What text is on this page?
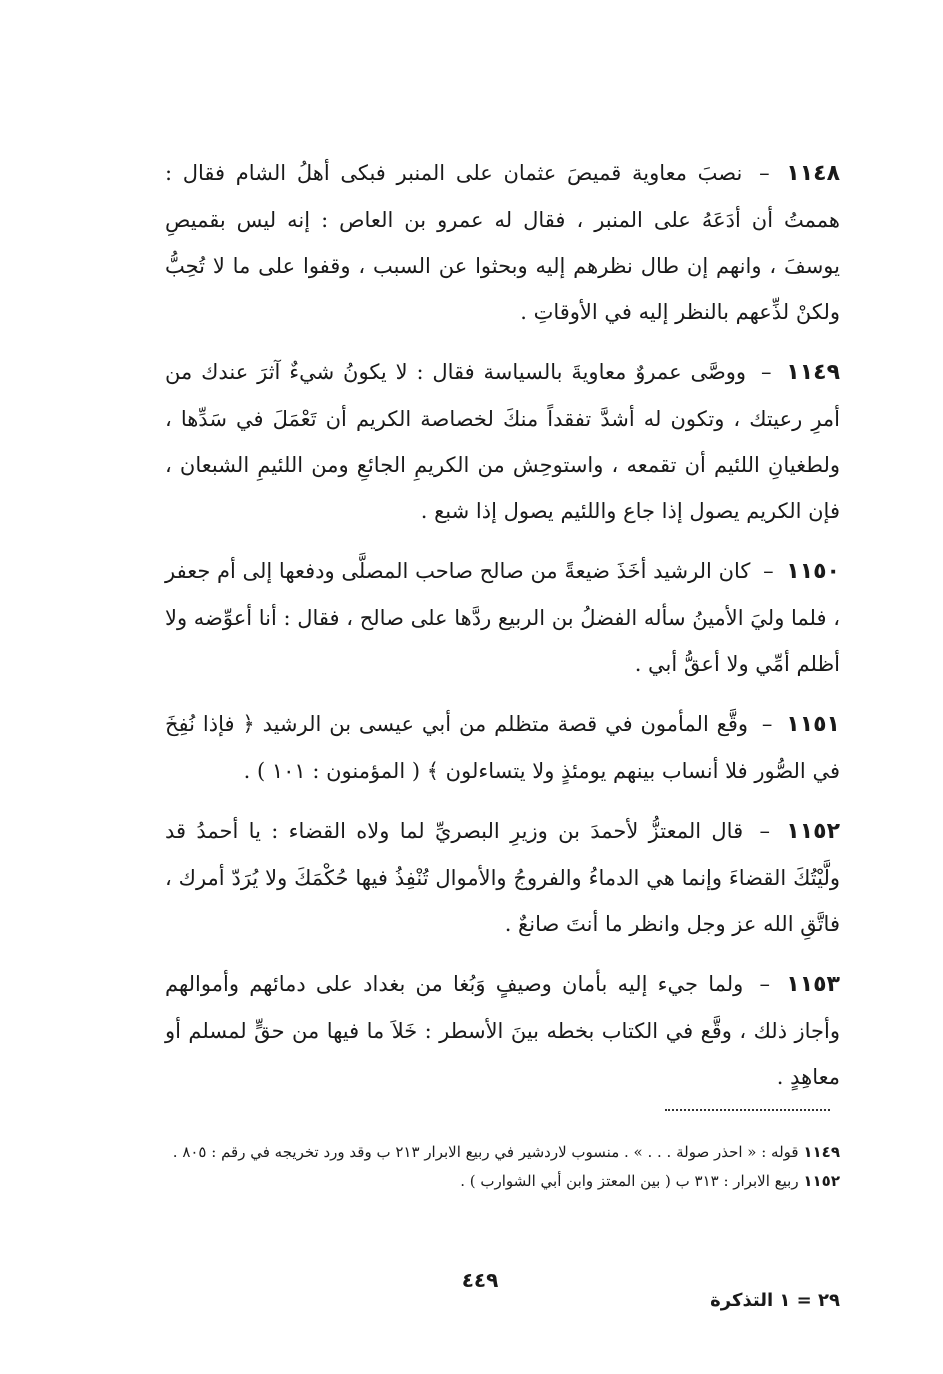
١١٤٨ – نصبَ معاوية قميصَ عثمان على المنبر فبكى أهلُ الشام فقال : هممتُ أن أدَعَهُ على المنبر ، فقال له عمرو بن العاص : إنه ليس بقميصِ يوسفَ ، وانهم إن طال نظرهم إليه وبحثوا عن السبب ، وقفوا على ما لا تُحِبُّ ولكنْ لذِّعهم بالنظر إليه في الأوقاتِ .

١١٤٩ – ووصَّى عمروٌ معاويةَ بالسياسة فقال : لا يكونُ شيءٌ آثرَ عندك من أمرِ رعيتك ، وتكون له أشدَّ تفقداً منكَ لخصاصة الكريم أن تَعْمَلَ في سَدِّها ، ولطغيانِ اللئيم أن تقمعه ، واستوحِش من الكريمِ الجائعِ ومن اللئيمِ الشبعان ، فإن الكريم يصول إذا جاع واللئيم يصول إذا شبع .

١١٥٠ – كان الرشيد أخَذَ ضيعةً من صالح صاحب المصلَّى ودفعها إلى أم جعفر ، فلما وليَ الأمينُ سأله الفضلُ بن الربيع ردَّها على صالح ، فقال : أنا أعوِّضه ولا أظلم أمِّي ولا أعقُّ أبي .

١١٥١ – وقَّع المأمون في قصة متظلم من أبي عيسى بن الرشيد ﴿ فإذا نُفِخَ في الصُّور فلا أنساب بينهم يومئذٍ ولا يتساءلون ﴾ ( المؤمنون : ١٠١ ) .

١١٥٢ – قال المعتزُّ لأحمدَ بن وزيرِ البصريِّ لما ولاه القضاء : يا أحمدُ قد ولَّيْتُكَ القضاءَ وإنما هي الدماءُ والفروجُ والأموال تُنْفِذُ فيها حُكْمَكَ ولا يُرَدّ أمرك ، فاتَّقِ الله عز وجل وانظر ما أنتَ صانعٌ .

١١٥٣ – ولما جيء إليه بأمان وصيفٍ وَبُغا من بغداد على دمائهم وأموالهم وأجاز ذلك ، وقَّع في الكتاب بخطه بينَ الأسطر : خَلاَ ما فيها من حقٍّ لمسلم أو معاهِدٍ .

١١٤٩ قوله : « احذر صولة . . . » . منسوب لاردشير في ربيع الابرار ٢١٣ ب وقد ورد تخريجه في رقم : ٨٠٥ .

١١٥٢ ربيع الابرار : ٣١٣ ب ( بين المعتز وابن أبي الشوارب ) .

٤٤٩
٢٩ = ١ التذكرة
